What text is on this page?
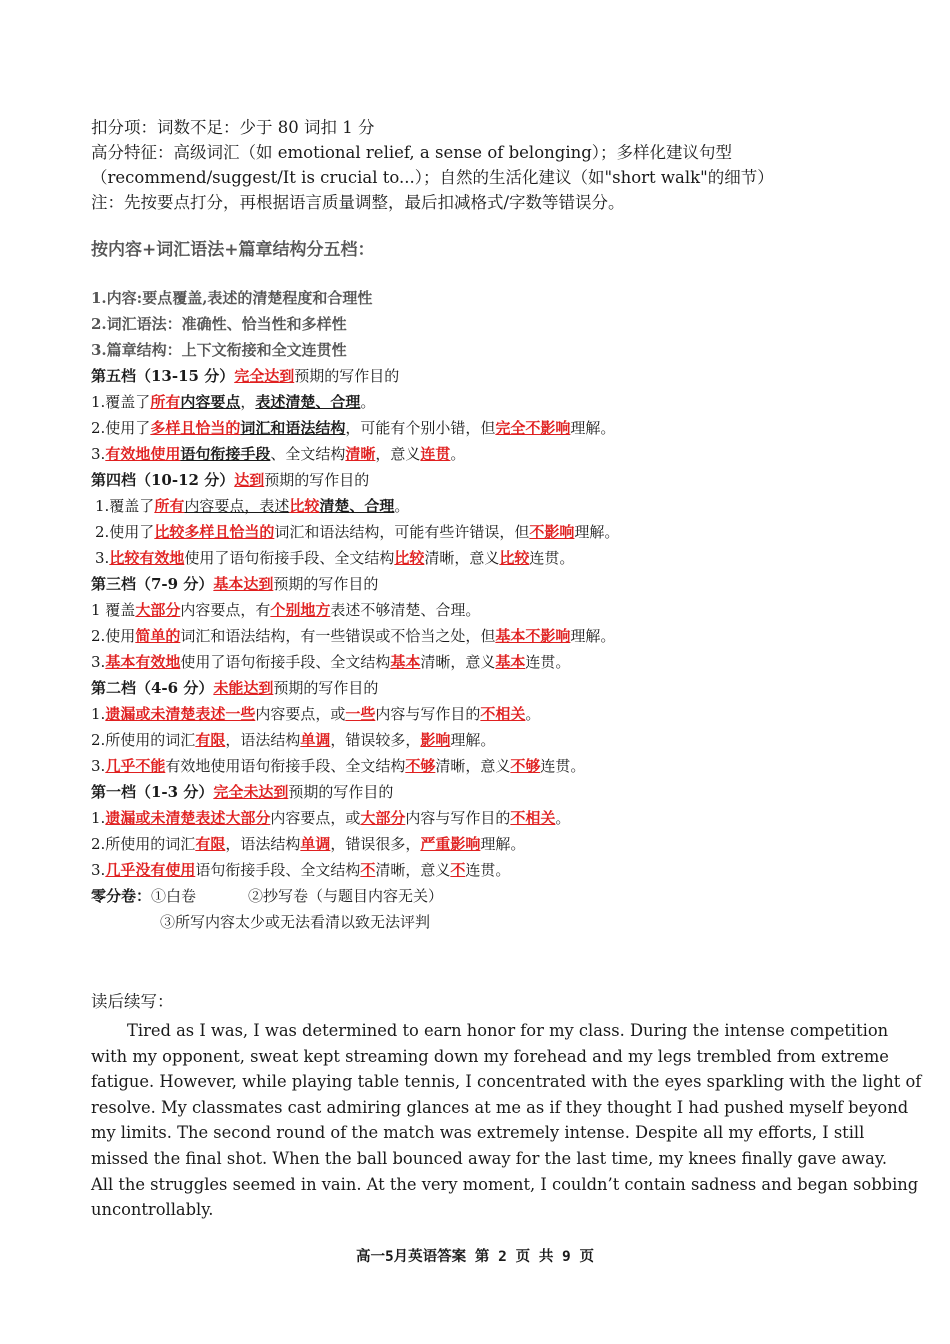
扣分项：词数不足：少于 80 词扣 1 分
高分特征：高级词汇（如 emotional relief, a sense of belonging）；多样化建议句型
（recommend/suggest/It is crucial to...）；自然的生活化建议（如"short walk"的细节）
注：先按要点打分，再根据语言质量调整，最后扣减格式/字数等错误分。
按内容+词汇语法+篇章结构分五档：
1.内容:要点覆盖,表述的清楚程度和合理性
2.词汇语法：准确性、恰当性和多样性
3.篇章结构：上下文衔接和全文连贯性
第五档（13-15 分）完全达到预期的写作目的
1.覆盖了所有内容要点，表述清楚、合理。
2.使用了多样且恰当的词汇和语法结构，可能有个别小错，但完全不影响理解。
3.有效地使用语句衔接手段、全文结构清晰，意义连贯。
第四档（10-12 分）达到预期的写作目的
1.覆盖了所有内容要点，表述比较清楚、合理。
2.使用了比较多样且恰当的词汇和语法结构，可能有些许错误，但不影响理解。
3.比较有效地使用了语句衔接手段、全文结构比较清晰，意义比较连贯。
第三档（7-9 分）基本达到预期的写作目的
1 覆盖大部分内容要点，有个别地方表述不够清楚、合理。
2.使用简单的词汇和语法结构，有一些错误或不恰当之处，但基本不影响理解。
3.基本有效地使用了语句衔接手段、全文结构基本清晰，意义基本连贯。
第二档（4-6 分）未能达到预期的写作目的
1.遗漏或未清楚表述一些内容要点，或一些内容与写作目的不相关。
2.所使用的词汇有限，语法结构单调，错误较多，影响理解。
3.几乎不能有效地使用语句衔接手段、全文结构不够清晰，意义不够连贯。
第一档（1-3 分）完全未达到预期的写作目的
1.遗漏或未清楚表述大部分内容要点，或大部分内容与写作目的不相关。
2.所使用的词汇有限，语法结构单调，错误很多，严重影响理解。
3.几乎没有使用语句衔接手段、全文结构不清晰，意义不连贯。
零分卷：①白卷	②抄写卷（与题目内容无关）
③所写内容太少或无法看清以致无法评判
读后续写：
Tired as I was, I was determined to earn honor for my class. During the intense competition
with my opponent, sweat kept streaming down my forehead and my legs trembled from extreme
fatigue. However, while playing table tennis, I concentrated with the eyes sparkling with the light of
resolve. My classmates cast admiring glances at me as if they thought I had pushed myself beyond
my limits. The second round of the match was extremely intense. Despite all my efforts, I still
missed the final shot. When the ball bounced away for the last time, my knees finally gave away.
All the struggles seemed in vain. At the very moment, I couldn’t contain sadness and began sobbing
uncontrollably.
高一5月英语答案 第 2 页 共 9 页
